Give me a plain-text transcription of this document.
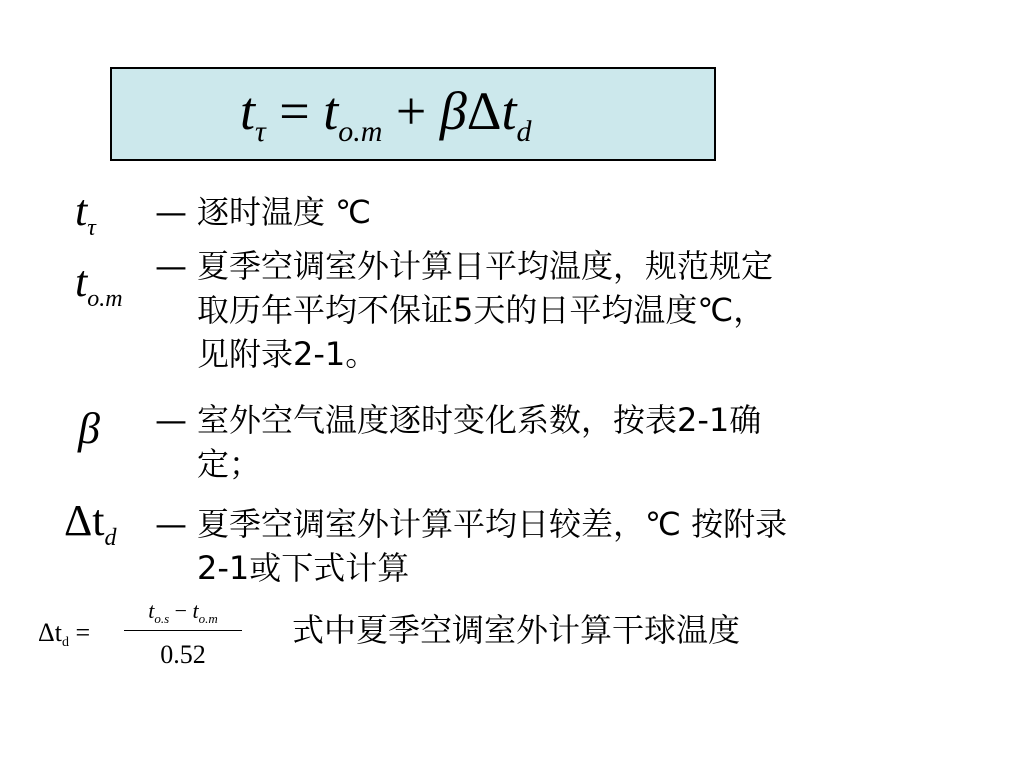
$t_\tau = t_{o.m} + \beta\Delta t_d$
$t_\tau$ — 逐时温度 ℃
$t_{o.m}$
— 夏季空调室外计算日平均温度，规范规定
取历年平均不保证5天的日平均温度℃，
见附录2-1。
β — 室外空气温度逐时变化系数，按表2-1确
定；
$\Delta t_d$ — 夏季空调室外计算平均日较差，℃ 按附录
2-1或下式计算
$\Delta t_d$ =
$t_{o.s} - t_{o.m}$
0.52
式中夏季空调室外计算干球温度
